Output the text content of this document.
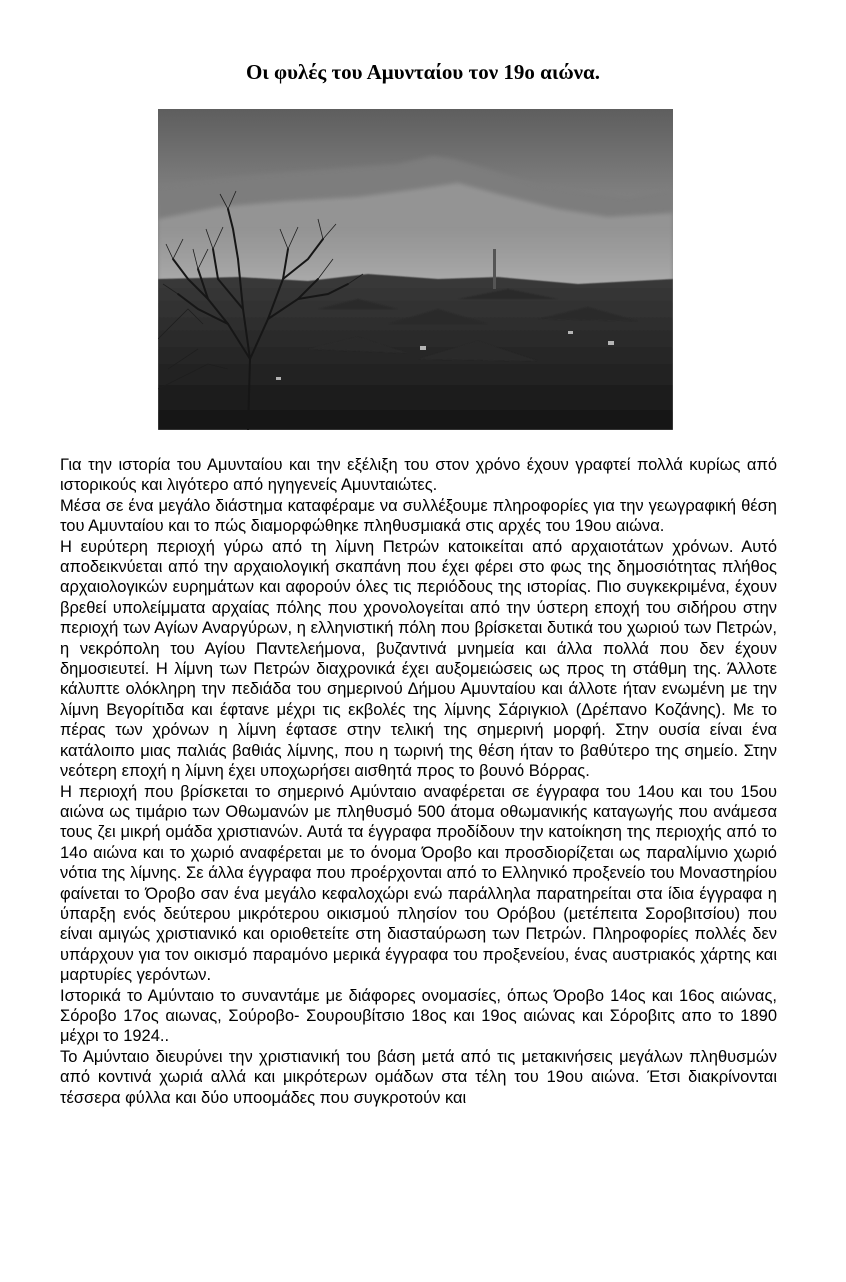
Οι φυλές του Αμυνταίου τον 19ο αιώνα.

Για την ιστορία του Αμυνταίου και την εξέλιξη του στον χρόνο έχουν γραφτεί πολλά κυρίως από ιστορικούς και λιγότερο από ηγηγενείς Αμυνταιώτες.

Μέσα σε ένα μεγάλο διάστημα καταφέραμε να συλλέξουμε πληροφορίες για την γεωγραφική θέση του Αμυνταίου και το πώς διαμορφώθηκε πληθυσμιακά στις αρχές του 19ου αιώνα.

Η ευρύτερη περιοχή γύρω από τη λίμνη Πετρών κατοικείται από αρχαιοτάτων χρόνων. Αυτό αποδεικνύεται από την αρχαιολογική σκαπάνη που έχει φέρει στο φως της δημοσιότητας πλήθος αρχαιολογικών ευρημάτων και αφορούν όλες τις περιόδους της ιστορίας. Πιο συγκεκριμένα, έχουν βρεθεί υπολείμματα αρχαίας πόλης που χρονολογείται από την ύστερη εποχή του σιδήρου στην περιοχή των Αγίων Αναργύρων, η ελληνιστική πόλη που βρίσκεται δυτικά του χωριού των Πετρών, η νεκρόπολη του Αγίου Παντελεήμονα, βυζαντινά μνημεία και άλλα πολλά που δεν έχουν δημοσιευτεί. Η λίμνη των Πετρών διαχρονικά έχει αυξομειώσεις ως προς τη στάθμη της. Άλλοτε κάλυπτε ολόκληρη την πεδιάδα του σημερινού Δήμου Αμυνταίου και άλλοτε ήταν ενωμένη με την λίμνη Βεγορίτιδα και έφτανε μέχρι τις εκβολές της λίμνης Σάριγκιολ (Δρέπανο Κοζάνης). Με το πέρας των χρόνων η λίμνη έφτασε στην τελική της σημερινή μορφή. Στην ουσία είναι ένα κατάλοιπο μιας παλιάς βαθιάς λίμνης, που η τωρινή της θέση ήταν το βαθύτερο της σημείο. Στην νεότερη εποχή η λίμνη έχει υποχωρήσει αισθητά προς το βουνό Βόρρας.

Η περιοχή που βρίσκεται το σημερινό Αμύνταιο αναφέρεται σε έγγραφα του 14ου και του 15ου αιώνα ως τιμάριο των Οθωμανών με πληθυσμό 500 άτομα οθωμανικής καταγωγής που ανάμεσα τους ζει μικρή ομάδα χριστιανών. Αυτά τα έγγραφα προδίδουν την κατοίκηση της περιοχής από το 14ο αιώνα και το χωριό αναφέρεται με το όνομα Όροβο και προσδιορίζεται ως παραλίμνιο χωριό νότια της λίμνης. Σε άλλα έγγραφα που προέρχονται από το Ελληνικό προξενείο του Μοναστηρίου φαίνεται το Όροβο σαν ένα μεγάλο κεφαλοχώρι ενώ παράλληλα παρατηρείται στα ίδια έγγραφα η ύπαρξη ενός δεύτερου μικρότερου οικισμού πλησίον του Ορόβου (μετέπειτα Σοροβιτσίου) που είναι αμιγώς χριστιανικό και οριοθετείτε στη διασταύρωση των Πετρών. Πληροφορίες πολλές δεν υπάρχουν για τον οικισμό παραμόνο μερικά έγγραφα του προξενείου, ένας αυστριακός χάρτης και μαρτυρίες γερόντων.

Ιστορικά το Αμύνταιο το συναντάμε με διάφορες ονομασίες, όπως Όροβο 14ος και 16ος αιώνας, Σόροβο 17ος αιωνας, Σούροβο- Σουρουβίτσιο 18ος και 19ος αιώνας και Σόροβιτς απο το 1890 μέχρι το 1924..

Το Αμύνταιο διευρύνει την χριστιανική του βάση μετά από τις μετακινήσεις μεγάλων πληθυσμών από κοντινά χωριά αλλά και μικρότερων ομάδων στα τέλη του 19ου αιώνα. Έτσι διακρίνονται τέσσερα φύλλα και δύο υποομάδες που συγκροτούν και
